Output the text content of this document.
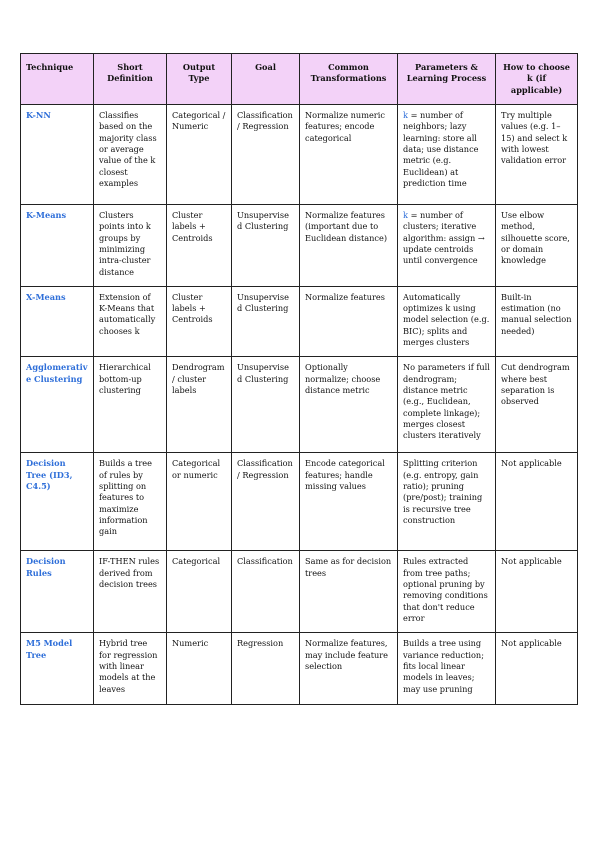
Technique	Short Definition	Output Type	Goal	Common Transformations	Parameters & Learning Process	How to choose k (if applicable)
K-NN	Classifies based on the majority class or average value of the k closest examples	Categorical / Numeric	Classification / Regression	Normalize numeric features; encode categorical	k = number of neighbors; lazy learning: store all data; use distance metric (e.g. Euclidean) at prediction time	Try multiple values (e.g. 1–15) and select k with lowest validation error
K-Means	Clusters points into k groups by minimizing intra-cluster distance	Cluster labels + Centroids	Unsupervised Clustering	Normalize features (important due to Euclidean distance)	k = number of clusters; iterative algorithm: assign → update centroids until convergence	Use elbow method, silhouette score, or domain knowledge
X-Means	Extension of K-Means that automatically chooses k	Cluster labels + Centroids	Unsupervised Clustering	Normalize features	Automatically optimizes k using model selection (e.g. BIC); splits and merges clusters	Built-in estimation (no manual selection needed)
Agglomerative Clustering	Hierarchical bottom-up clustering	Dendrogram / cluster labels	Unsupervised Clustering	Optionally normalize; choose distance metric	No parameters if full dendrogram; distance metric (e.g., Euclidean, complete linkage); merges closest clusters iteratively	Cut dendrogram where best separation is observed
Decision Tree (ID3, C4.5)	Builds a tree of rules by splitting on features to maximize information gain	Categorical or numeric	Classification / Regression	Encode categorical features; handle missing values	Splitting criterion (e.g. entropy, gain ratio); pruning (pre/post); training is recursive tree construction	Not applicable
Decision Rules	IF-THEN rules derived from decision trees	Categorical	Classification	Same as for decision trees	Rules extracted from tree paths; optional pruning by removing conditions that don't reduce error	Not applicable
M5 Model Tree	Hybrid tree for regression with linear models at the leaves	Numeric	Regression	Normalize features, may include feature selection	Builds a tree using variance reduction; fits local linear models in leaves; may use pruning	Not applicable
